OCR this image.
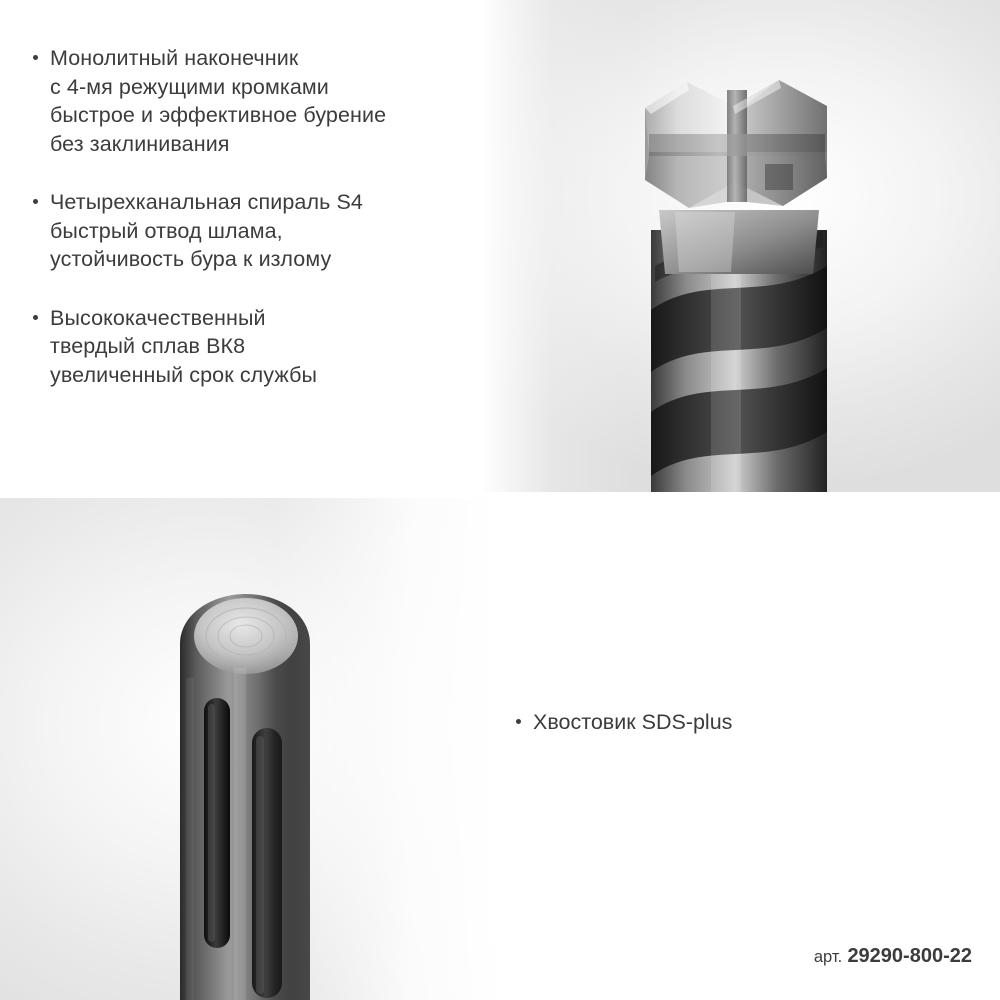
Монолитный наконечник
с 4-мя режущими кромками
быстрое и эффективное бурение
без заклинивания
Четырехканальная спираль S4
быстрый отвод шлама,
устойчивость бура к излому
Высококачественный
твердый сплав ВК8
увеличенный срок службы
Хвостовик SDS-plus
арт. 29290-800-22
